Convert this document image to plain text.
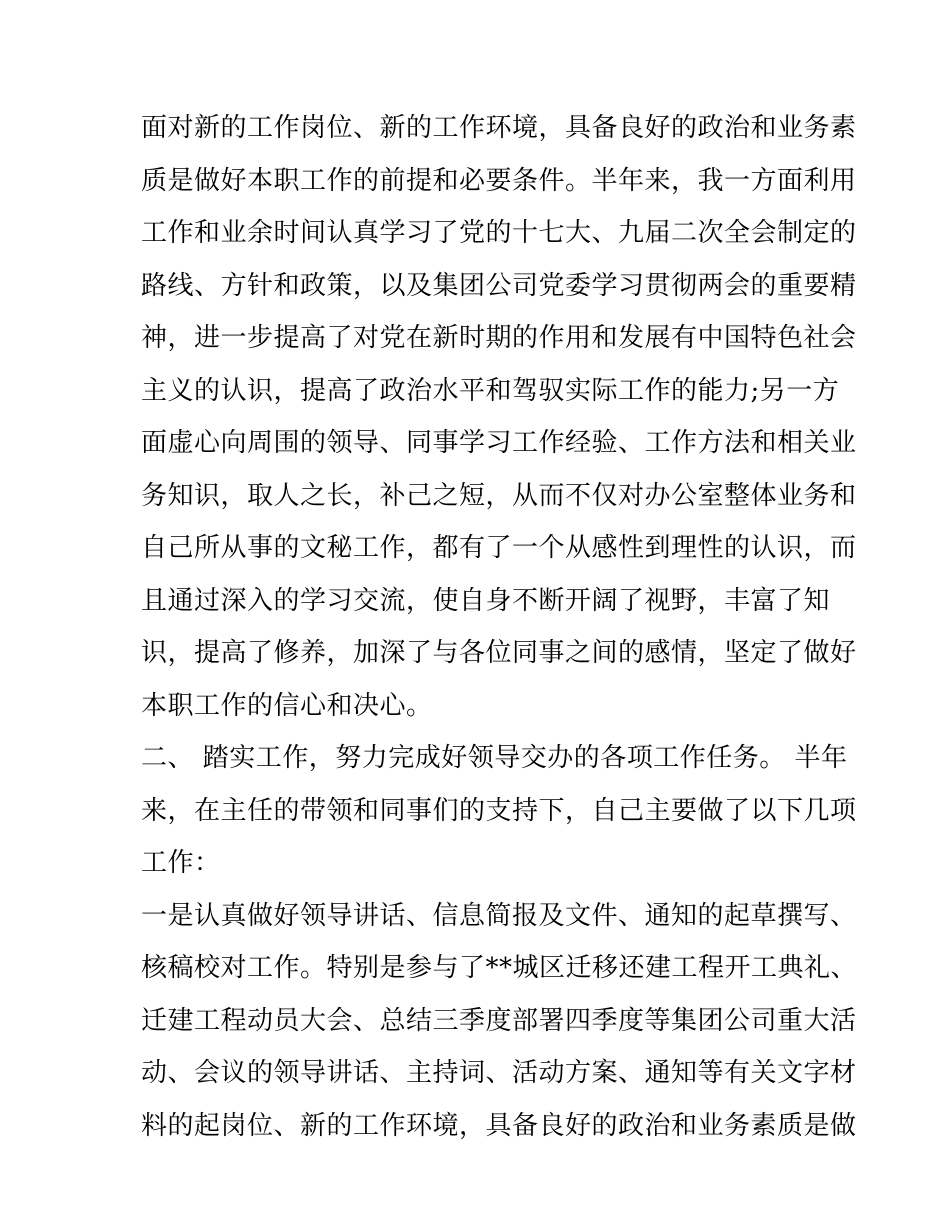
面对新的工作岗位、新的工作环境，具备良好的政治和业务素
质是做好本职工作的前提和必要条件。半年来，我一方面利用
工作和业余时间认真学习了党的十七大、九届二次全会制定的
路线、方针和政策，以及集团公司党委学习贯彻两会的重要精
神，进一步提高了对党在新时期的作用和发展有中国特色社会
主义的认识，提高了政治水平和驾驭实际工作的能力;另一方
面虚心向周围的领导、同事学习工作经验、工作方法和相关业
务知识，取人之长，补己之短，从而不仅对办公室整体业务和
自己所从事的文秘工作，都有了一个从感性到理性的认识，而
且通过深入的学习交流，使自身不断开阔了视野，丰富了知
识，提高了修养，加深了与各位同事之间的感情，坚定了做好
本职工作的信心和决心。
二、 踏实工作，努力完成好领导交办的各项工作任务。 半年
来，在主任的带领和同事们的支持下，自己主要做了以下几项
工作：
一是认真做好领导讲话、信息简报及文件、通知的起草撰写、
核稿校对工作。特别是参与了**城区迁移还建工程开工典礼、
迁建工程动员大会、总结三季度部署四季度等集团公司重大活
动、会议的领导讲话、主持词、活动方案、通知等有关文字材
料的起岗位、新的工作环境，具备良好的政治和业务素质是做
